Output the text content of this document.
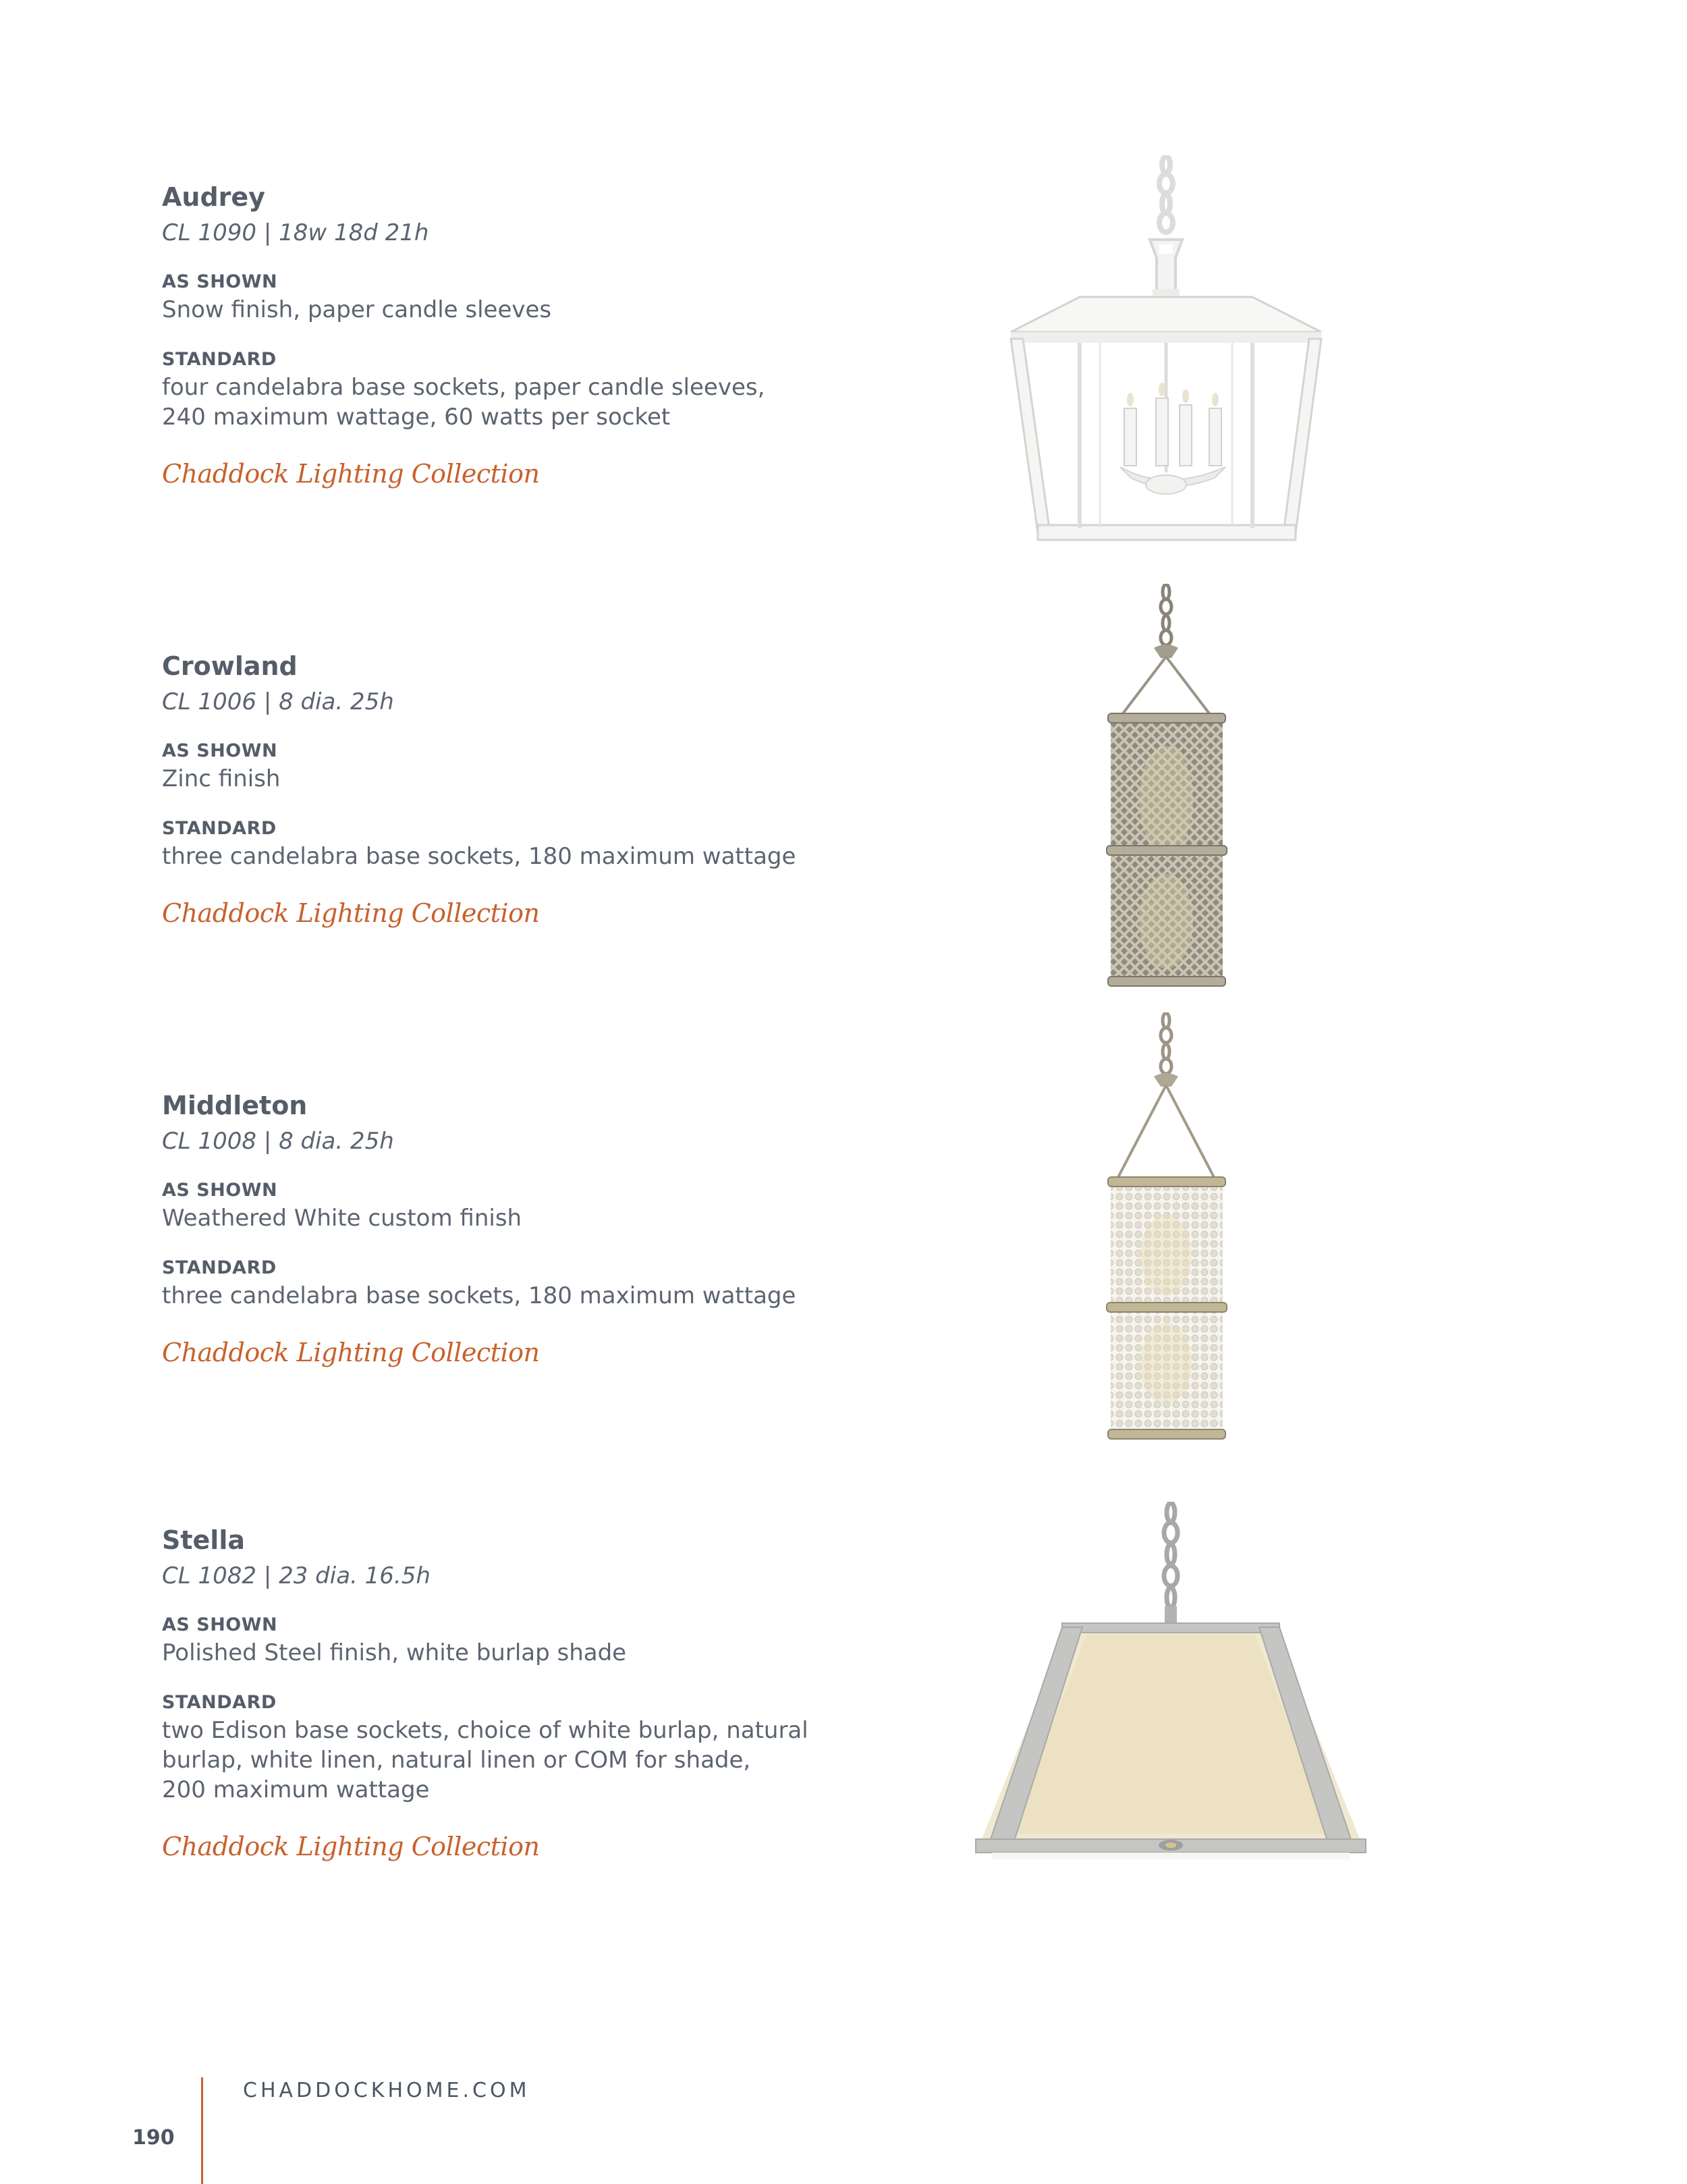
Audrey

CL 1090 | 18w 18d 21h

AS SHOWN

Snow finish, paper candle sleeves

STANDARD

four candelabra base sockets, paper candle sleeves,
240 maximum wattage, 60 watts per socket

Chaddock Lighting Collection

Crowland

CL 1006 | 8 dia. 25h

AS SHOWN

Zinc finish

STANDARD

three candelabra base sockets, 180 maximum wattage

Chaddock Lighting Collection

Middleton

CL 1008 | 8 dia. 25h

AS SHOWN

Weathered White custom finish

STANDARD

three candelabra base sockets, 180 maximum wattage

Chaddock Lighting Collection

Stella

CL 1082 | 23 dia. 16.5h

AS SHOWN

Polished Steel finish, white burlap shade

STANDARD

two Edison base sockets, choice of white burlap, natural
burlap, white linen, natural linen or COM for shade,
200 maximum wattage

Chaddock Lighting Collection

CHADDOCKHOME.COM
190
